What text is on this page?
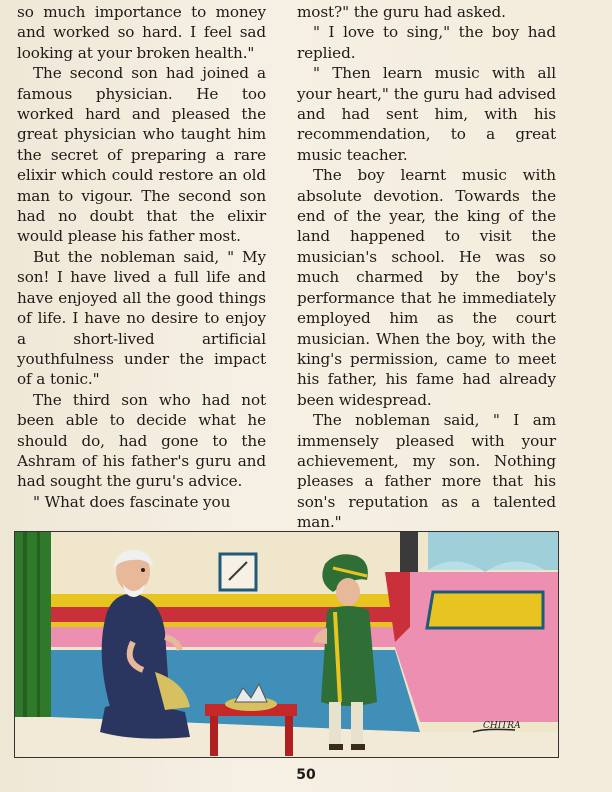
so much importance to money and worked so hard. I feel sad looking at your broken health."

The second son had joined a famous physician. He too worked hard and pleased the great physician who taught him the secret of preparing a rare elixir which could restore an old man to vigour. The second son had no doubt that the elixir would please his father most.

But the nobleman said, " My son! I have lived a full life and have enjoyed all the good things of life. I have no desire to enjoy a short-lived artificial youthfulness under the impact of a tonic."

The third son who had not been able to decide what he should do, had gone to the Ashram of his father's guru and had sought the guru's advice.

" What does fascinate you

most?" the guru had asked.

" I love to sing," the boy had replied.

" Then learn music with all your heart," the guru had advised and had sent him, with his recommendation, to a great music teacher.

The boy learnt music with absolute devotion. Towards the end of the year, the king of the land happened to visit the musician's school. He was so much charmed by the boy's performance that he immediately employed him as the court musician. When the boy, with the king's permission, came to meet his father, his fame had already been widespread.

The nobleman said, " I am immensely pleased with your achievement, my son. Nothing pleases a father more that his son's reputation as a talented man."

CHITRA
50
